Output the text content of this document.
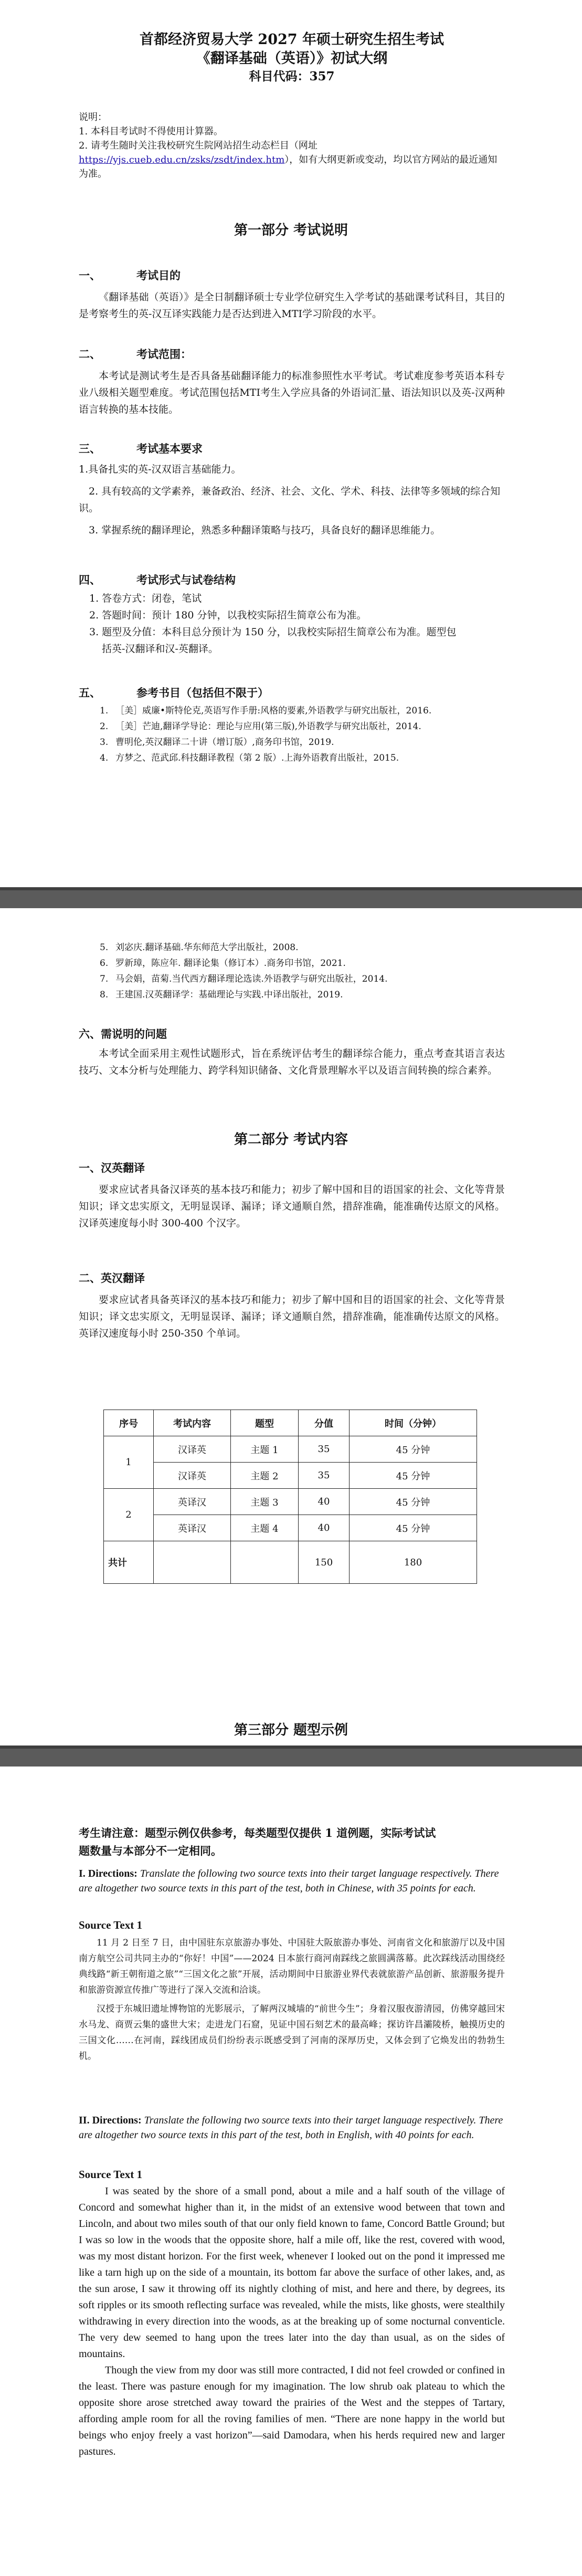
首都经济贸易大学 2027 年硕士研究生招生考试

《翻译基础（英语）》初试大纲

科目代码：357

说明：

1. 本科目考试时不得使用计算器。

2. 请考生随时关注我校研究生院网站招生动态栏目（网址 https://yjs.cueb.edu.cn/zsks/zsdt/index.htm），如有大纲更新或变动，均以官方网站的最近通知为准。

第一部分 考试说明

一、	考试目的

《翻译基础（英语）》是全日制翻译硕士专业学位研究生入学考试的基础课考试科目，其目的是考察考生的英-汉互译实践能力是否达到进入MTI学习阶段的水平。

二、	考试范围：

本考试是测试考生是否具备基础翻译能力的标准参照性水平考试。考试难度参考英语本科专业八级相关题型难度。考试范围包括MTI考生入学应具备的外语词汇量、语法知识以及英-汉两种语言转换的基本技能。

三、	考试基本要求

1.具备扎实的英-汉双语言基础能力。

2. 具有较高的文学素养，兼备政治、经济、社会、文化、学术、科技、法律等多领域的综合知识。

3. 掌握系统的翻译理论，熟悉多种翻译策略与技巧，具备良好的翻译思维能力。

四、	考试形式与试卷结构

1. 答卷方式：闭卷，笔试

2. 答题时间：预计 180 分钟，以我校实际招生简章公布为准。

3. 题型及分值：本科目总分预计为 150 分，以我校实际招生简章公布为准。题型包

括英-汉翻译和汉-英翻译。

五、	参考书目（包括但不限于）

1. ［美］威廉•斯特伦克,英语写作手册:风格的要素,外语教学与研究出版社，2016.

2. ［美］芒迪,翻译学导论：理论与应用(第三版),外语教学与研究出版社，2014.

3. 曹明伦,英汉翻译二十讲（增订版）,商务印书馆，2019.

4. 方梦之、范武邱.科技翻译教程（第 2 版）.上海外语教育出版社，2015.

5. 刘宓庆.翻译基础.华东师范大学出版社，2008.

6. 罗新璋，陈应年. 翻译论集（修订本）.商务印书馆，2021.

7. 马会娟，苗菊.当代西方翻译理论选读.外语教学与研究出版社，2014.

8. 王建国.汉英翻译学：基础理论与实践.中译出版社，2019.

六、需说明的问题

本考试全面采用主观性试题形式，旨在系统评估考生的翻译综合能力，重点考查其语言表达技巧、文本分析与处理能力、跨学科知识储备、文化背景理解水平以及语言间转换的综合素养。

第二部分 考试内容

一、汉英翻译

要求应试者具备汉译英的基本技巧和能力；初步了解中国和目的语国家的社会、文化等背景知识；译文忠实原文，无明显误译、漏译；译文通顺自然，措辞准确，能准确传达原文的风格。汉译英速度每小时 300-400 个汉字。

二、英汉翻译

要求应试者具备英译汉的基本技巧和能力；初步了解中国和目的语国家的社会、文化等背景知识；译文忠实原文，无明显误译、漏译；译文通顺自然，措辞准确，能准确传达原文的风格。英译汉速度每小时 250-350 个单词。

序号	考试内容	题型	分值	时间（分钟）
1	汉译英	主题 1	35	45 分钟
	汉译英	主题 2	35	45 分钟
2	英译汉	主题 3	40	45 分钟
	英译汉	主题 4	40	45 分钟
共计			150	180

第三部分 题型示例

考生请注意：题型示例仅供参考，每类题型仅提供 1 道例题，实际考试试

题数量与本部分不一定相同。

I. Directions: Translate the following two source texts into their target language respectively. There are altogether two source texts in this part of the test, both in Chinese, with 35 points for each.

Source Text 1

11 月 2 日至 7 日，由中国驻东京旅游办事处、中国驻大阪旅游办事处、河南省文化和旅游厅以及中国南方航空公司共同主办的“你好！中国”——2024 日本旅行商河南踩线之旅圆满落幕。此次踩线活动围绕经典线路“新王朝衔道之旅”“三国文化之旅”开展，活动期间中日旅游业界代表就旅游产品创新、旅游服务提升和旅游资源宣传推广等进行了深入交流和洽谈。

汉授于东城旧遗址博物馆的光影展示，了解两汉城墙的“前世今生”；身着汉服夜游清园，仿佛穿越回宋水马龙、商贾云集的盛世大宋；走进龙门石窟，见证中国石刻艺术的最高峰；探访许昌灞陵桥，触摸历史的三国文化……在河南，踩线团成员们纷纷表示既感受到了河南的深厚历史，又体会到了它焕发出的勃勃生机。

II. Directions: Translate the following two source texts into their target language respectively. There are altogether two source texts in this part of the test, both in English, with 40 points for each.

Source Text 1

I was seated by the shore of a small pond, about a mile and a half south of the village of Concord and somewhat higher than it, in the midst of an extensive wood between that town and Lincoln, and about two miles south of that our only field known to fame, Concord Battle Ground; but I was so low in the woods that the opposite shore, half a mile off, like the rest, covered with wood, was my most distant horizon. For the first week, whenever I looked out on the pond it impressed me like a tarn high up on the side of a mountain, its bottom far above the surface of other lakes, and, as the sun arose, I saw it throwing off its nightly clothing of mist, and here and there, by degrees, its soft ripples or its smooth reflecting surface was revealed, while the mists, like ghosts, were stealthily withdrawing in every direction into the woods, as at the breaking up of some nocturnal conventicle. The very dew seemed to hang upon the trees later into the day than usual, as on the sides of mountains.

Though the view from my door was still more contracted, I did not feel crowded or confined in the least. There was pasture enough for my imagination. The low shrub oak plateau to which the opposite shore arose stretched away toward the prairies of the West and the steppes of Tartary, affording ample room for all the roving families of men. “There are none happy in the world but beings who enjoy freely a vast horizon”—said Damodara, when his herds required new and larger pastures.
